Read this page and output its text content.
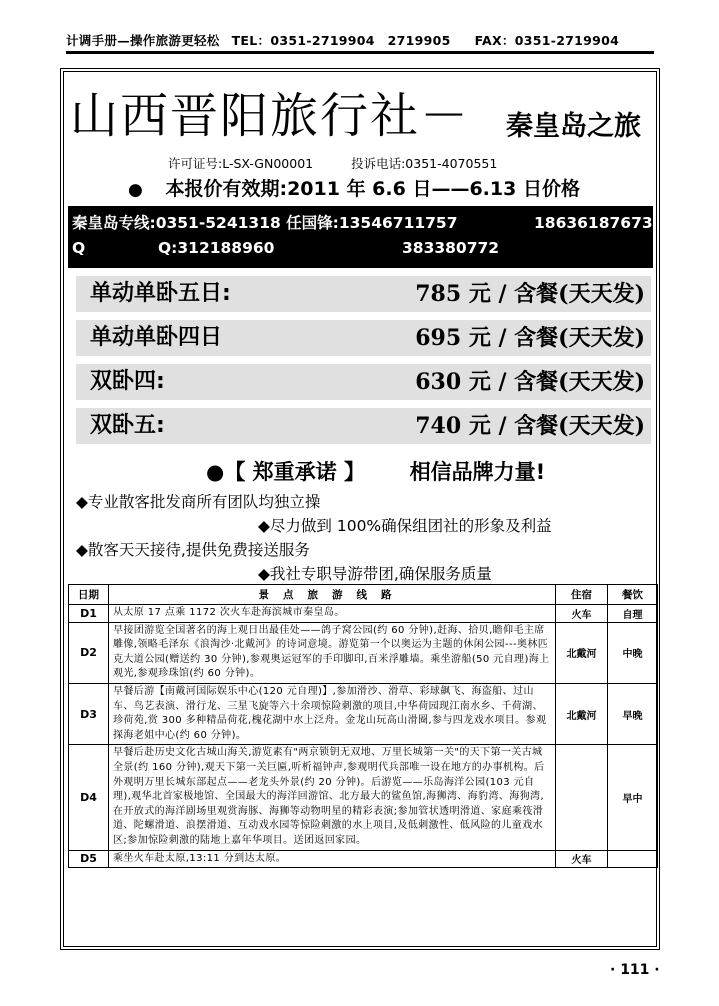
计调手册—操作旅游更轻松 TEL：0351-2719904　2719905 FAX：0351-2719904
山西晋阳旅行社－ 秦皇岛之旅
许可证号:L-SX-GN00001	投诉电话:0351-4070551
● 本报价有效期:2011 年 6.6 日——6.13 日价格
秦皇岛专线:0351-5241318 任国锋:13546711757	18636187673
Q	Q:312188960	383380772
单动单卧五日:	785 元 / 含餐(天天发)
单动单卧四日	695 元 / 含餐(天天发)
双卧四:	630 元 / 含餐(天天发)
双卧五:	740 元 / 含餐(天天发)
●【 郑重承诺 】 相信品牌力量!
◆专业散客批发商所有团队均独立操
◆尽力做到 100%确保组团社的形象及利益
◆散客天天接待,提供免费接送服务
◆我社专职导游带团,确保服务质量
日期	景点旅游线路	住宿	餐饮
D1	从太原 17 点乘 1172 次火车赴海滨城市秦皇岛。	火车	自理
D2	早接团游览全国著名的海上观日出最佳处——鸽子窝公园(约 60 分钟),赶海、拾贝,瞻仰毛主席雕像,领略毛泽东《浪淘沙·北戴河》的诗词意境。游览第一个以奥运为主题的休闲公园---奥林匹克大道公园(赠送约 30 分钟),参观奥运冠军的手印脚印,百米浮雕墙。乘坐游船(50 元自理)海上观光,参观珍珠馆(约 60 分钟)。	北戴河	中晚
D3	早餐后游【南戴河国际娱乐中心(120 元自理)】,参加滑沙、滑草、彩球飙飞、海盗船、过山车、鸟艺表演、滑行龙、三星飞旋等六十余项惊险刺激的项目,中华荷园现江南水乡、千荷湖、珍荷苑,赏 300 多种精品荷花,槐花湖中水上泛舟。金龙山玩高山滑圈,参与四龙戏水项目。参观探海老姐中心(约 60 分钟)。	北戴河	早晚
D4	早餐后赴历史文化古城山海关,游览素有"两京锁钥无双地、万里长城第一关"的天下第一关古城全景(约 160 分钟),观天下第一关巨匾,听析福钟声,参观明代兵部唯一设在地方的办事机构。后外观明万里长城东部起点——老龙头外景(约 20 分钟)。后游览——乐岛海洋公园(103 元自理),观华北首家极地馆、全国最大的海洋回游馆、北方最大的鲨鱼馆,海狮湾、海豹湾、海狗湾,在开放式的海洋剧场里观赏海豚、海狮等动物明星的精彩表演;参加管状透明滑道、家庭乘筏滑道、陀螺滑道、浪摆滑道、互动戏水园等惊险刺激的水上项目,及低刺激性、低风险的儿童戏水区;参加惊险刺激的陆地上嘉年华项目。送团返回家园。		早中
D5	乘坐火车赴太原,13:11 分到达太原。	火车	
· 111 ·
